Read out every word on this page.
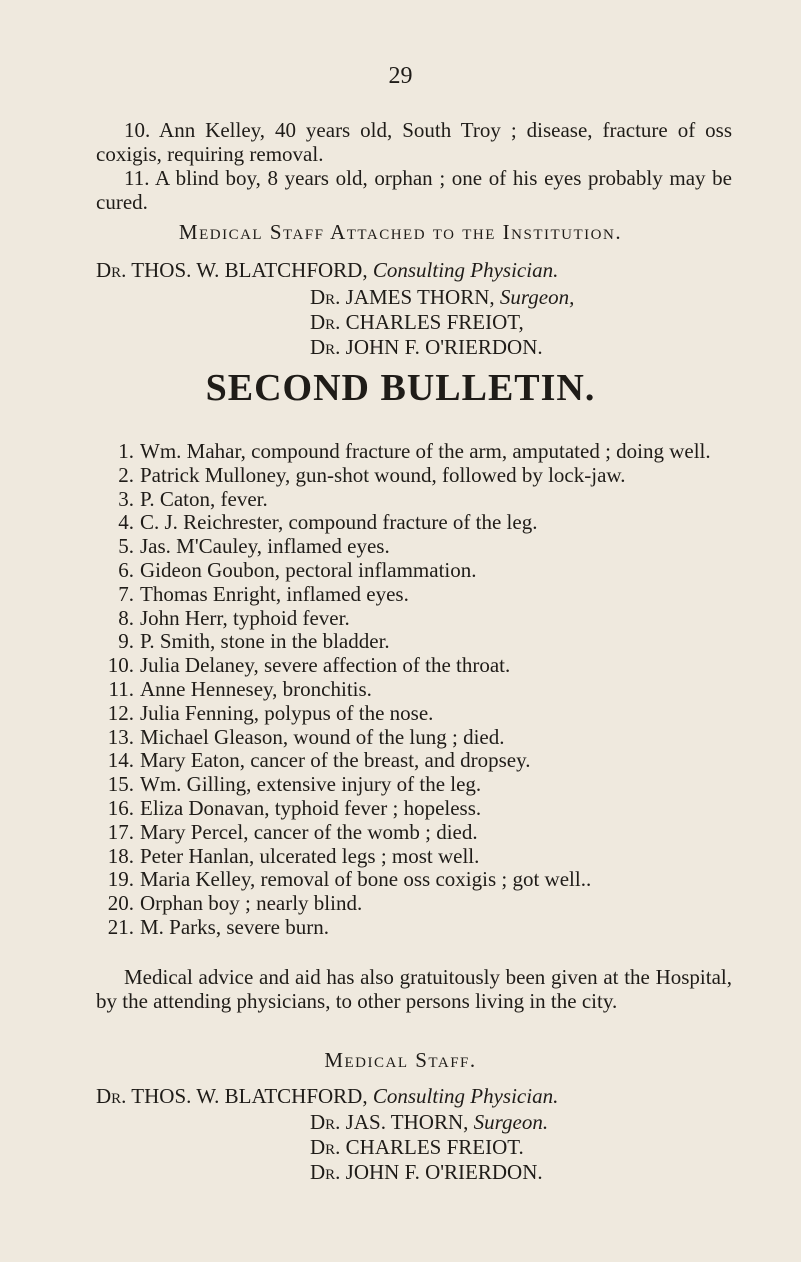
29

10. Ann Kelley, 40 years old, South Troy ; disease, fracture of oss coxigis, requiring removal.

11. A blind boy, 8 years old, orphan ; one of his eyes probably may be cured.

Medical Staff Attached to the Institution.
Dr. THOS. W. BLATCHFORD, Consulting Physician.
Dr. JAMES THORN, Surgeon,
Dr. CHARLES FREIOT,
Dr. JOHN F. O'RIERDON.
SECOND BULLETIN.
1. Wm. Mahar, compound fracture of the arm, amputated ; doing well.
2. Patrick Mulloney, gun-shot wound, followed by lock-jaw.
3. P. Caton, fever.
4. C. J. Reichrester, compound fracture of the leg.
5. Jas. M'Cauley, inflamed eyes.
6. Gideon Goubon, pectoral inflammation.
7. Thomas Enright, inflamed eyes.
8. John Herr, typhoid fever.
9. P. Smith, stone in the bladder.
10. Julia Delaney, severe affection of the throat.
11. Anne Hennesey, bronchitis.
12. Julia Fenning, polypus of the nose.
13. Michael Gleason, wound of the lung ; died.
14. Mary Eaton, cancer of the breast, and dropsey.
15. Wm. Gilling, extensive injury of the leg.
16. Eliza Donavan, typhoid fever ; hopeless.
17. Mary Percel, cancer of the womb ; died.
18. Peter Hanlan, ulcerated legs ; most well.
19. Maria Kelley, removal of bone oss coxigis ; got well..
20. Orphan boy ; nearly blind.
21. M. Parks, severe burn.

Medical advice and aid has also gratuitously been given at the Hospital, by the attending physicians, to other persons living in the city.

Medical Staff.
Dr. THOS. W. BLATCHFORD, Consulting Physician.
Dr. JAS. THORN, Surgeon.
Dr. CHARLES FREIOT.
Dr. JOHN F. O'RIERDON.
